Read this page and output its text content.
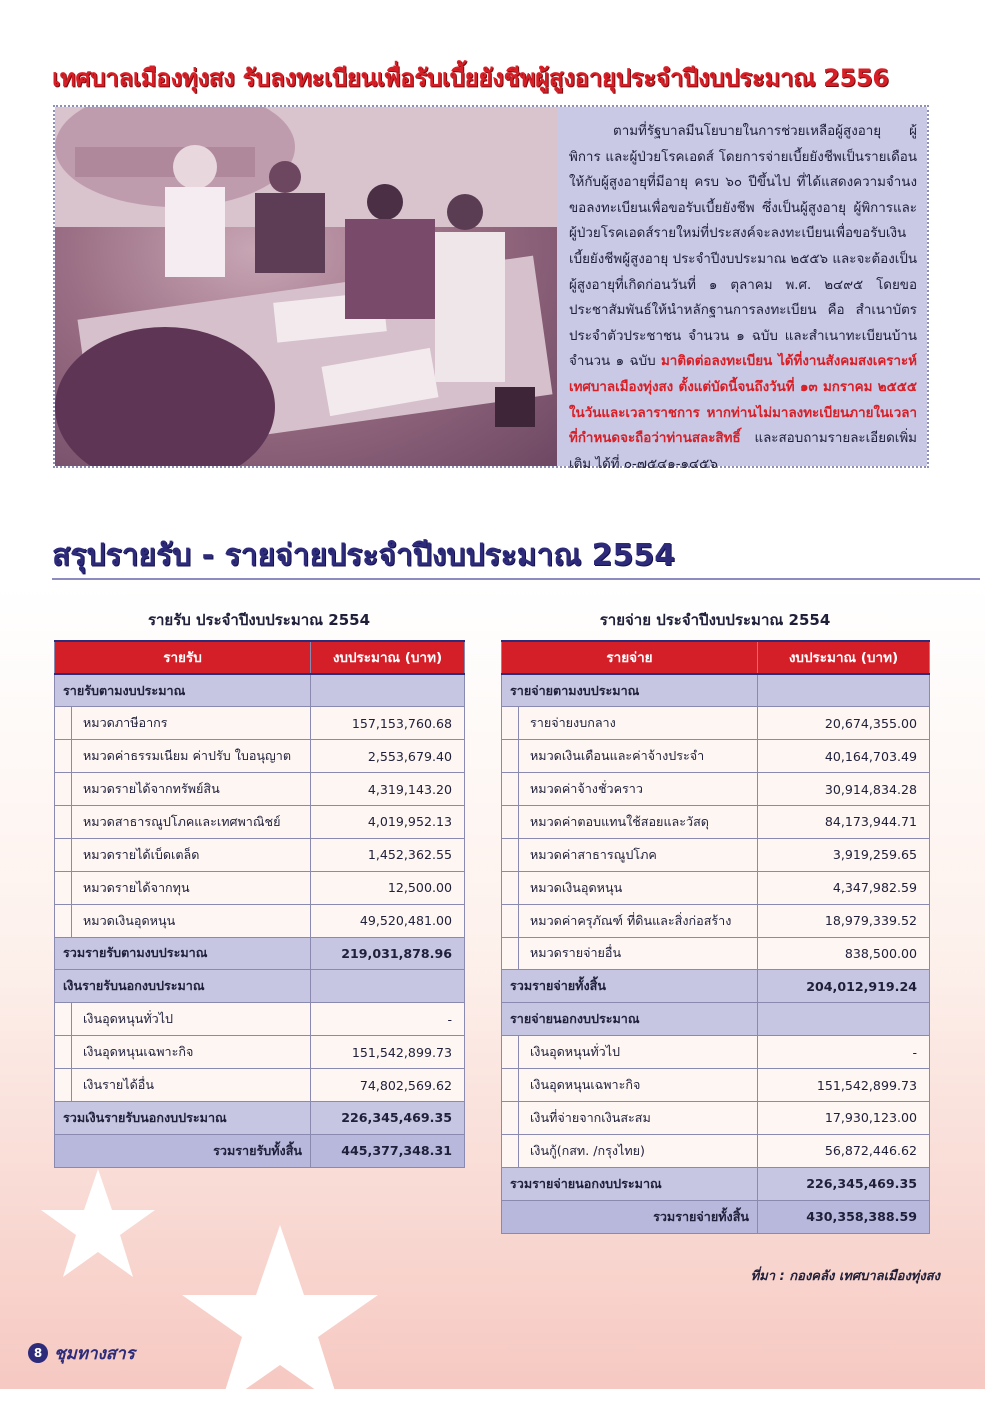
เทศบาลเมืองทุ่งสง รับลงทะเบียนเพื่อรับเบี้ยยังชีพผู้สูงอายุประจำปีงบประมาณ 2556
ตามที่รัฐบาลมีนโยบายในการช่วยเหลือผู้สูงอายุ ผู้พิการ และผู้ป่วยโรคเอดส์ โดยการจ่ายเบี้ยยังชีพเป็นรายเดือนให้กับผู้สูงอายุที่มีอายุ ครบ ๖๐ ปีขึ้นไป ที่ได้แสดงความจำนงขอลงทะเบียนเพื่อขอรับเบี้ยยังชีพ ซึ่งเป็นผู้สูงอายุ ผู้พิการและผู้ป่วยโรคเอดส์รายใหม่ที่ประสงค์จะลงทะเบียนเพื่อขอรับเงินเบี้ยยังชีพผู้สูงอายุ ประจำปีงบประมาณ ๒๕๕๖ และจะต้องเป็นผู้สูงอายุที่เกิดก่อนวันที่ ๑ ตุลาคม พ.ศ. ๒๔๙๕ โดยขอประชาสัมพันธ์ให้นำหลักฐานการลงทะเบียน คือ สำเนาบัตรประจำตัวประชาชน จำนวน ๑ ฉบับ และสำเนาทะเบียนบ้าน จำนวน ๑ ฉบับ มาติดต่อลงทะเบียน ได้ที่งานสังคมสงเคราะห์ เทศบาลเมืองทุ่งสง ตั้งแต่บัดนี้จนถึงวันที่ ๑๓ มกราคม ๒๕๕๕ ในวันและเวลาราชการ หากท่านไม่มาลงทะเบียนภายในเวลาที่กำหนดจะถือว่าท่านสละสิทธิ์ และสอบถามรายละเอียดเพิ่มเติม ได้ที่ ๐-๗๕๔๑-๑๔๕๖
สรุปรายรับ - รายจ่ายประจำปีงบประมาณ 2554
รายรับ ประจำปีงบประมาณ 2554
รายรับ	งบประมาณ (บาท)
รายรับตามงบประมาณ	
หมวดภาษีอากร	157,153,760.68
หมวดค่าธรรมเนียม ค่าปรับ ใบอนุญาต	2,553,679.40
หมวดรายได้จากทรัพย์สิน	4,319,143.20
หมวดสาธารณูปโภคและเทศพาณิชย์	4,019,952.13
หมวดรายได้เบ็ดเตล็ด	1,452,362.55
หมวดรายได้จากทุน	12,500.00
หมวดเงินอุดหนุน	49,520,481.00
รวมรายรับตามงบประมาณ	219,031,878.96
เงินรายรับนอกงบประมาณ	
เงินอุดหนุนทั่วไป	-
เงินอุดหนุนเฉพาะกิจ	151,542,899.73
เงินรายได้อื่น	74,802,569.62
รวมเงินรายรับนอกงบประมาณ	226,345,469.35
รวมรายรับทั้งสิ้น	445,377,348.31
รายจ่าย ประจำปีงบประมาณ 2554
รายจ่าย	งบประมาณ (บาท)
รายจ่ายตามงบประมาณ	
รายจ่ายงบกลาง	20,674,355.00
หมวดเงินเดือนและค่าจ้างประจำ	40,164,703.49
หมวดค่าจ้างชั่วคราว	30,914,834.28
หมวดค่าตอบแทนใช้สอยและวัสดุ	84,173,944.71
หมวดค่าสาธารณูปโภค	3,919,259.65
หมวดเงินอุดหนุน	4,347,982.59
หมวดค่าครุภัณฑ์ ที่ดินและสิ่งก่อสร้าง	18,979,339.52
หมวดรายจ่ายอื่น	838,500.00
รวมรายจ่ายทั้งสิ้น	204,012,919.24
รายจ่ายนอกงบประมาณ	
เงินอุดหนุนทั่วไป	-
เงินอุดหนุนเฉพาะกิจ	151,542,899.73
เงินที่จ่ายจากเงินสะสม	17,930,123.00
เงินกู้(กสท. /กรุงไทย)	56,872,446.62
รวมรายจ่ายนอกงบประมาณ	226,345,469.35
รวมรายจ่ายทั้งสิ้น	430,358,388.59
ที่มา : กองคลัง เทศบาลเมืองทุ่งสง
8 ชุมทางสาร
